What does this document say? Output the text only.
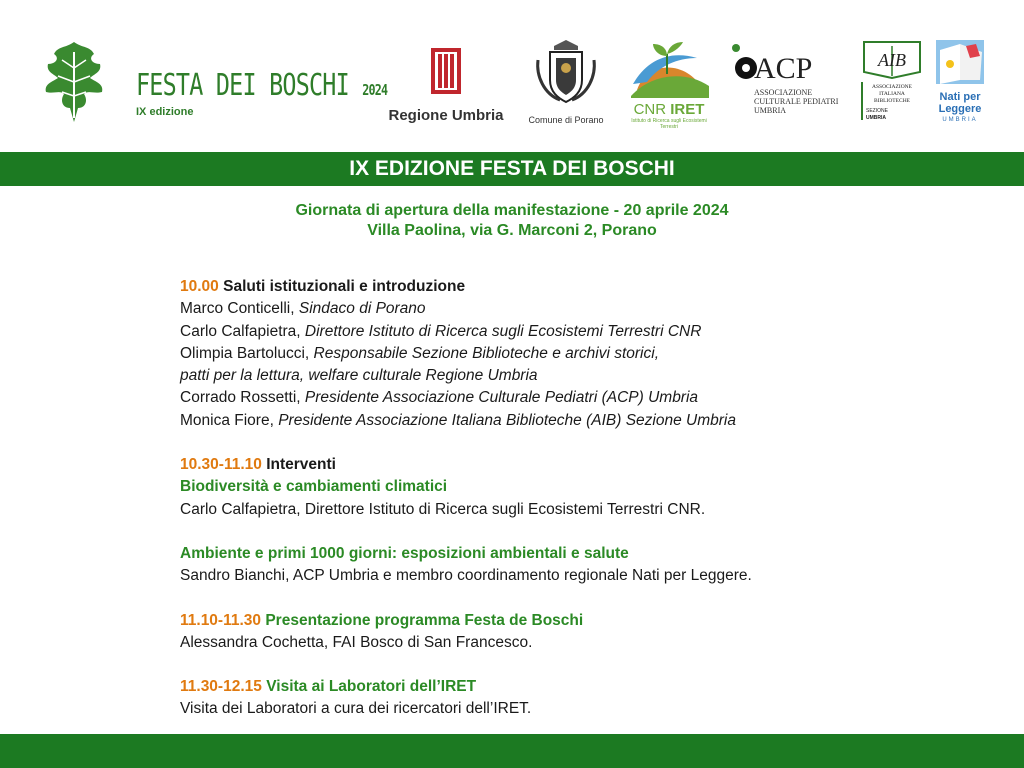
FESTA DEI BOSCHI 2024
IX edizione	Regione Umbria	Comune di Porano
CNR IRET
Istituto di Ricerca sugli Ecosistemi Terrestri
ACP
ASSOCIAZIONE
CULTURALE PEDIATRI
UMBRIA
AIB
ASSOCIAZIONE
ITALIANA
BIBLIOTECHE
SEZIONE
UMBRIA
Nati per
Leggere
UMBRIA
IX EDIZIONE FESTA DEI BOSCHI
Giornata di apertura della manifestazione - 20 aprile 2024
Villa Paolina, via G. Marconi 2, Porano

10.00 Saluti istituzionali e introduzione

Marco Conticelli, Sindaco di Porano

Carlo Calfapietra, Direttore Istituto di Ricerca sugli Ecosistemi Terrestri CNR

Olimpia Bartolucci, Responsabile Sezione Biblioteche e archivi storici,

patti per la lettura, welfare culturale Regione Umbria

Corrado Rossetti, Presidente Associazione Culturale Pediatri (ACP) Umbria

Monica Fiore, Presidente Associazione Italiana Biblioteche (AIB) Sezione Umbria

10.30-11.10 Interventi

Biodiversità e cambiamenti climatici

Carlo Calfapietra, Direttore Istituto di Ricerca sugli Ecosistemi Terrestri CNR.

Ambiente e primi 1000 giorni: esposizioni ambientali e salute

Sandro Bianchi, ACP Umbria e membro coordinamento regionale Nati per Leggere.

11.10-11.30 Presentazione programma Festa de Boschi

Alessandra Cochetta, FAI Bosco di San Francesco.

11.30-12.15 Visita ai Laboratori dell’IRET

Visita dei Laboratori a cura dei ricercatori dell’IRET.
